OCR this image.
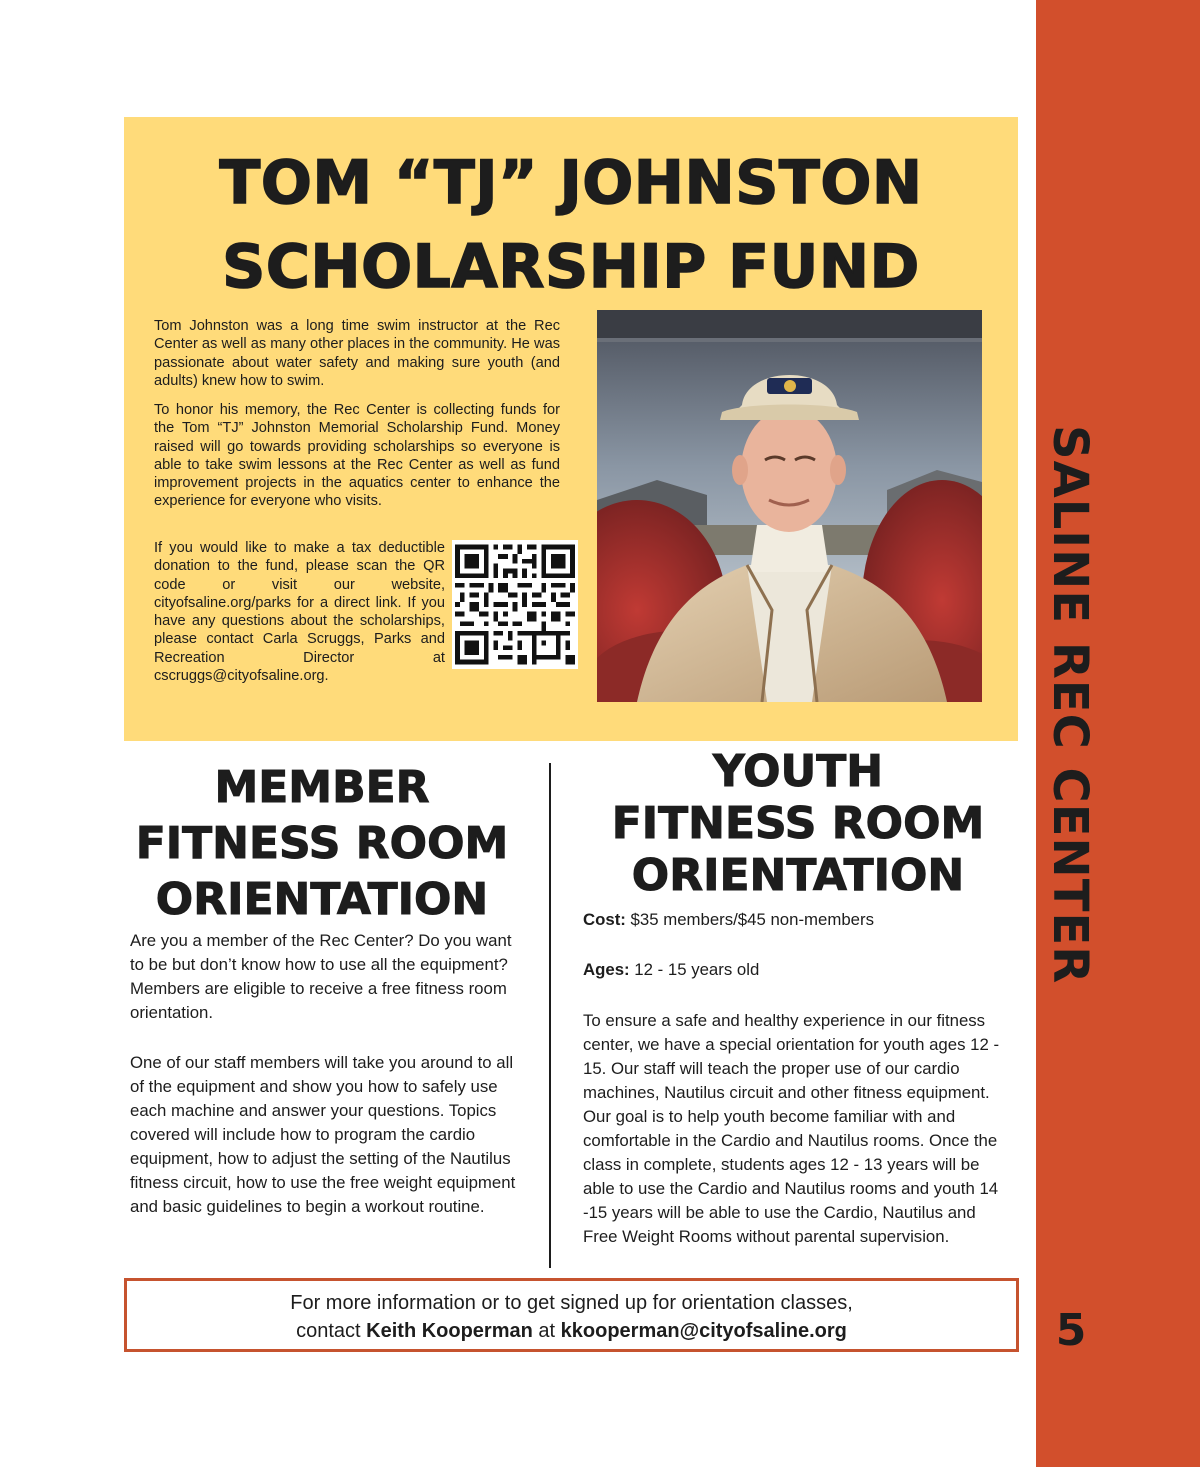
SALINE REC CENTER
5
TOM “TJ” JOHNSTON
SCHOLARSHIP FUND

Tom Johnston was a long time swim instructor at the Rec Center as well as many other places in the community. He was passionate about water safety and making sure youth (and adults) knew how to swim.

To honor his memory, the Rec Center is collecting funds for the Tom “TJ” Johnston Memorial Scholarship Fund. Money raised will go towards providing scholarships so everyone is able to take swim lessons at the Rec Center as well as fund improvement projects in the aquatics center to enhance the experience for everyone who visits.

If you would like to make a tax deductible donation to the fund, please scan the QR code or visit our website, cityofsaline.org/parks for a direct link. If you have any questions about the scholarships, please contact Carla Scruggs, Parks and Recreation Director at cscruggs@cityofsaline.org.

MEMBER
FITNESS ROOM
ORIENTATION

Are you a member of the Rec Center? Do you want to be but don’t know how to use all the equipment? Members are eligible to receive a free fitness room orientation.

One of our staff members will take you around to all of the equipment and show you how to safely use each machine and answer your questions. Topics covered will include how to program the cardio equipment, how to adjust the setting of the Nautilus fitness circuit, how to use the free weight equipment and basic guidelines to begin a workout routine.

YOUTH
FITNESS ROOM
ORIENTATION

Cost: $35 members/$45 non-members

Ages: 12 - 15 years old

To ensure a safe and healthy experience in our fitness center, we have a special orientation for youth ages 12 - 15. Our staff will teach the proper use of our cardio machines, Nautilus circuit and other fitness equipment. Our goal is to help youth become familiar with and comfortable in the Cardio and Nautilus rooms. Once the class in complete, students ages 12 - 13 years will be able to use the Cardio and Nautilus rooms and youth 14 -15 years will be able to use the Cardio, Nautilus and Free Weight Rooms without parental supervision.

For more information or to get signed up for orientation classes,
contact Keith Kooperman at kkooperman@cityofsaline.org
